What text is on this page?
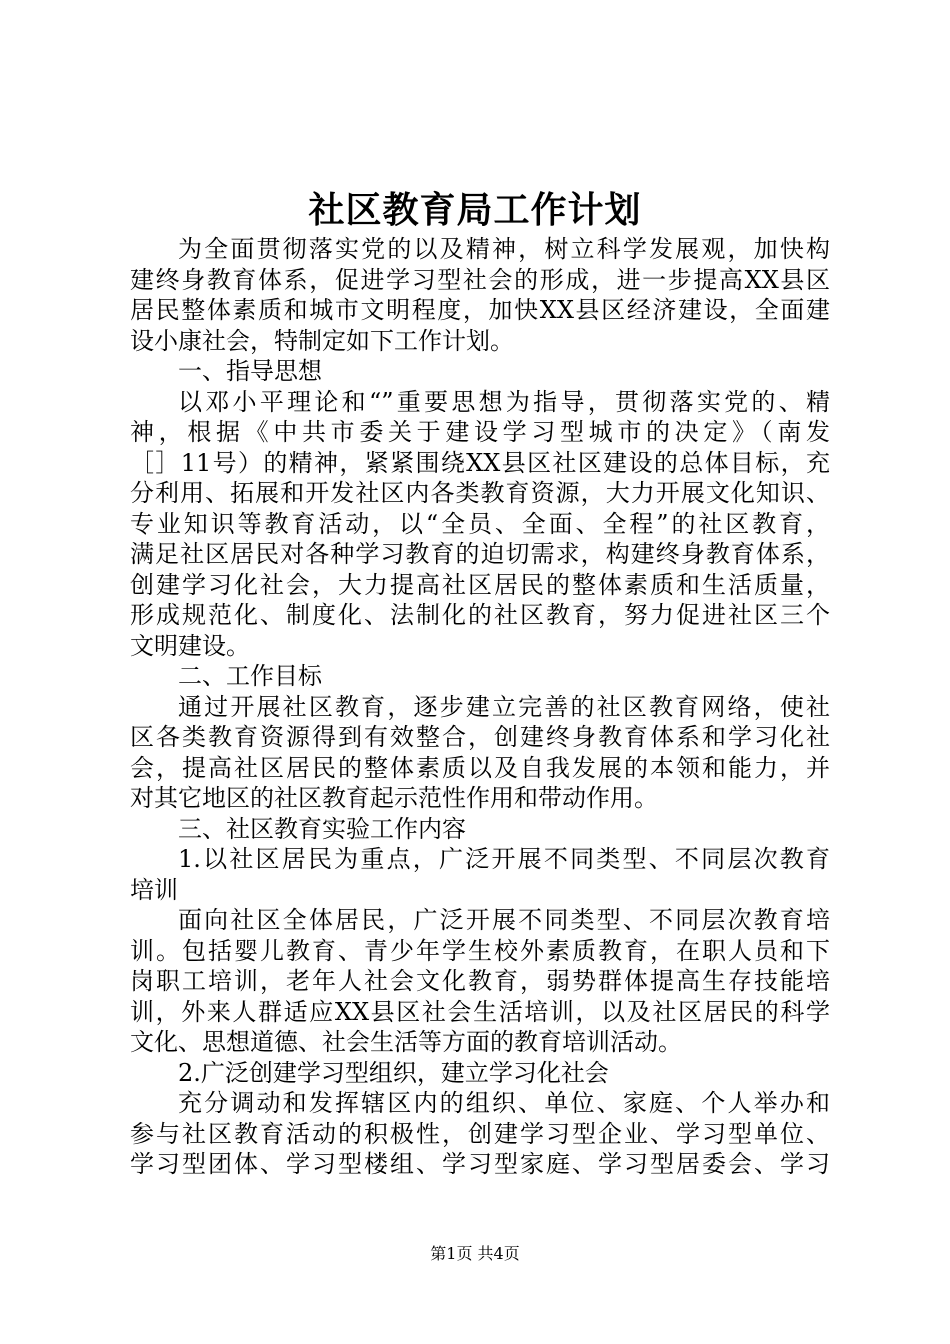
社区教育局工作计划
为全面贯彻落实党的以及精神，树立科学发展观，加快构
建终身教育体系，促进学习型社会的形成，进一步提高XX县区
居民整体素质和城市文明程度，加快XX县区经济建设，全面建
设小康社会，特制定如下工作计划。
一、指导思想
以邓小平理论和“”重要思想为指导，贯彻落实党的、精
神，根据《中共市委关于建设学习型城市的决定》（南发
［］11号）的精神，紧紧围绕XX县区社区建设的总体目标，充
分利用、拓展和开发社区内各类教育资源，大力开展文化知识、
专业知识等教育活动，以“全员、全面、全程”的社区教育，
满足社区居民对各种学习教育的迫切需求，构建终身教育体系，
创建学习化社会，大力提高社区居民的整体素质和生活质量，
形成规范化、制度化、法制化的社区教育，努力促进社区三个
文明建设。
二、工作目标
通过开展社区教育，逐步建立完善的社区教育网络，使社
区各类教育资源得到有效整合，创建终身教育体系和学习化社
会，提高社区居民的整体素质以及自我发展的本领和能力，并
对其它地区的社区教育起示范性作用和带动作用。
三、社区教育实验工作内容
1.以社区居民为重点，广泛开展不同类型、不同层次教育
培训
面向社区全体居民，广泛开展不同类型、不同层次教育培
训。包括婴儿教育、青少年学生校外素质教育，在职人员和下
岗职工培训，老年人社会文化教育，弱势群体提高生存技能培
训，外来人群适应XX县区社会生活培训，以及社区居民的科学
文化、思想道德、社会生活等方面的教育培训活动。
2.广泛创建学习型组织，建立学习化社会
充分调动和发挥辖区内的组织、单位、家庭、个人举办和
参与社区教育活动的积极性，创建学习型企业、学习型单位、
学习型团体、学习型楼组、学习型家庭、学习型居委会、学习
第1页 共4页
